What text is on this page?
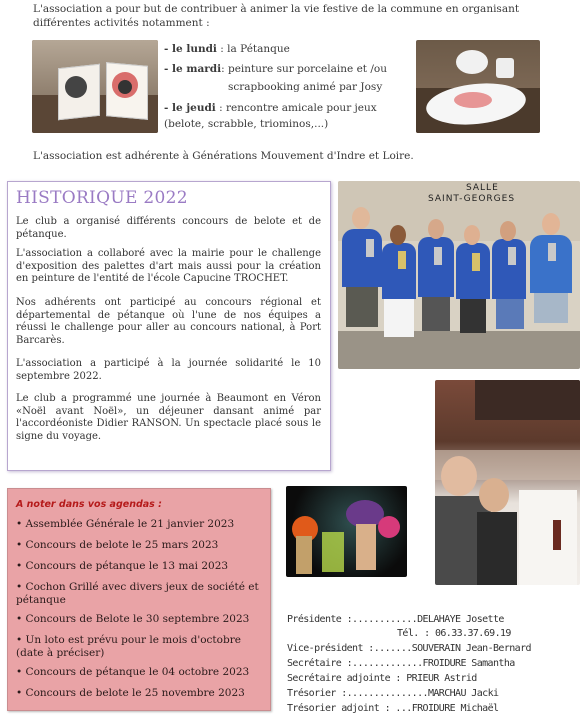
L'association a pour but de contribuer à animer la vie festive de la commune en organisant
différentes activités notamment :
- le lundi : la Pétanque
- le mardi: peinture sur porcelaine et /ou
scrapbooking animé par Josy
- le jeudi : rencontre amicale pour jeux
(belote, scrabble, triominos,...)
L'association est adhérente à Générations Mouvement d'Indre et Loire.
HISTORIQUE 2022

Le club a organisé différents concours de belote et de pétanque.

L'association a collaboré avec la mairie pour le challenge d'exposition des palettes d'art mais aussi pour la création en peinture de l'entité de l'école Capucine TROCHET.

Nos adhérents ont participé au concours régional et départemental de pétanque où l'une de nos équipes a réussi le challenge pour aller au concours national, à Port Barcarès.

L'association a participé à la journée solidarité le 10 septembre 2022.

Le club a programmé une journée à Beaumont en Véron «Noël avant Noël», un déjeuner dansant animé par l'accordéoniste Didier RANSON. Un spectacle placé sous le signe du voyage.

SALLE
SAINT-GEORGES
A noter dans vos agendas :
• Assemblée Générale le 21 janvier 2023
• Concours de belote le 25 mars 2023
• Concours de pétanque le 13 mai 2023
• Cochon Grillé avec divers jeux de société et pétanque
• Concours de Belote le 30 septembre 2023
• Un loto est prévu pour le mois d'octobre (date à préciser)
• Concours de pétanque le 04 octobre 2023
• Concours de belote le 25 novembre 2023
Présidente :............DELAHAYE Josette
Tél. : 06.33.37.69.19
Vice-président :.......SOUVERAIN Jean-Bernard
Secrétaire :.............FROIDURE Samantha
Secrétaire adjointe : PRIEUR Astrid
Trésorier :...............MARCHAU Jacki
Trésorier adjoint : ...FROIDURE Michaël
